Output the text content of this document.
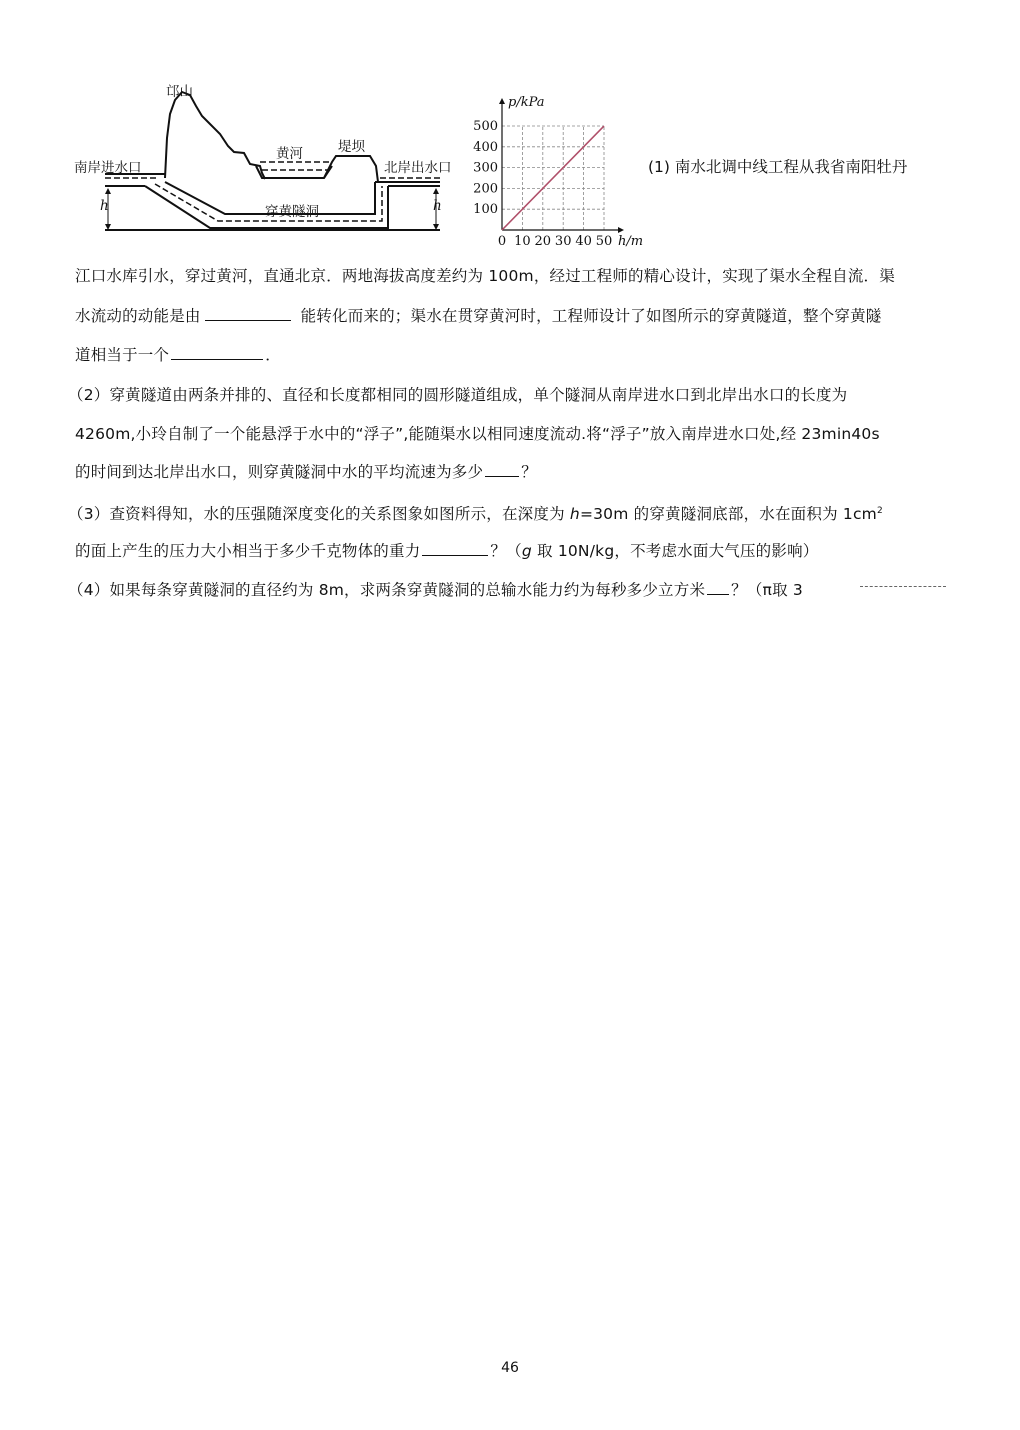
邙山
黄河	堤坝
南岸进水口	北岸出水口
穿黄隧洞
h	h
0 10 20 30 40 50
100
200
300
400
500
p/kPa
h/m
(1) 南水北调中线工程从我省南阳牡丹
江口水库引水，穿过黄河，直通北京．两地海拔高度差约为 100m，经过工程师的精心设计，实现了渠水全程自流．渠
水流动的动能是由	能转化而来的；渠水在贯穿黄河时，工程师设计了如图所示的穿黄隧道，整个穿黄隧
道相当于一个	．
（2）穿黄隧道由两条并排的、直径和长度都相同的圆形隧道组成，单个隧洞从南岸进水口到北岸出水口的长度为
4260m,小玲自制了一个能悬浮于水中的“浮子”,能随渠水以相同速度流动.将“浮子”放入南岸进水口处,经 23min40s
的时间到达北岸出水口，则穿黄隧洞中水的平均流速为多少 ？
（3）查资料得知，水的压强随深度变化的关系图象如图所示，在深度为 h=30m 的穿黄隧洞底部，水在面积为 $1cm^2$
的面上产生的压力大小相当于多少千克物体的重力	？（g 取 10N/kg，不考虑水面大气压的影响）
（4）如果每条穿黄隧洞的直径约为 8m，求两条穿黄隧洞的总输水能力约为每秒多少立方米 ？（π取 3
46
